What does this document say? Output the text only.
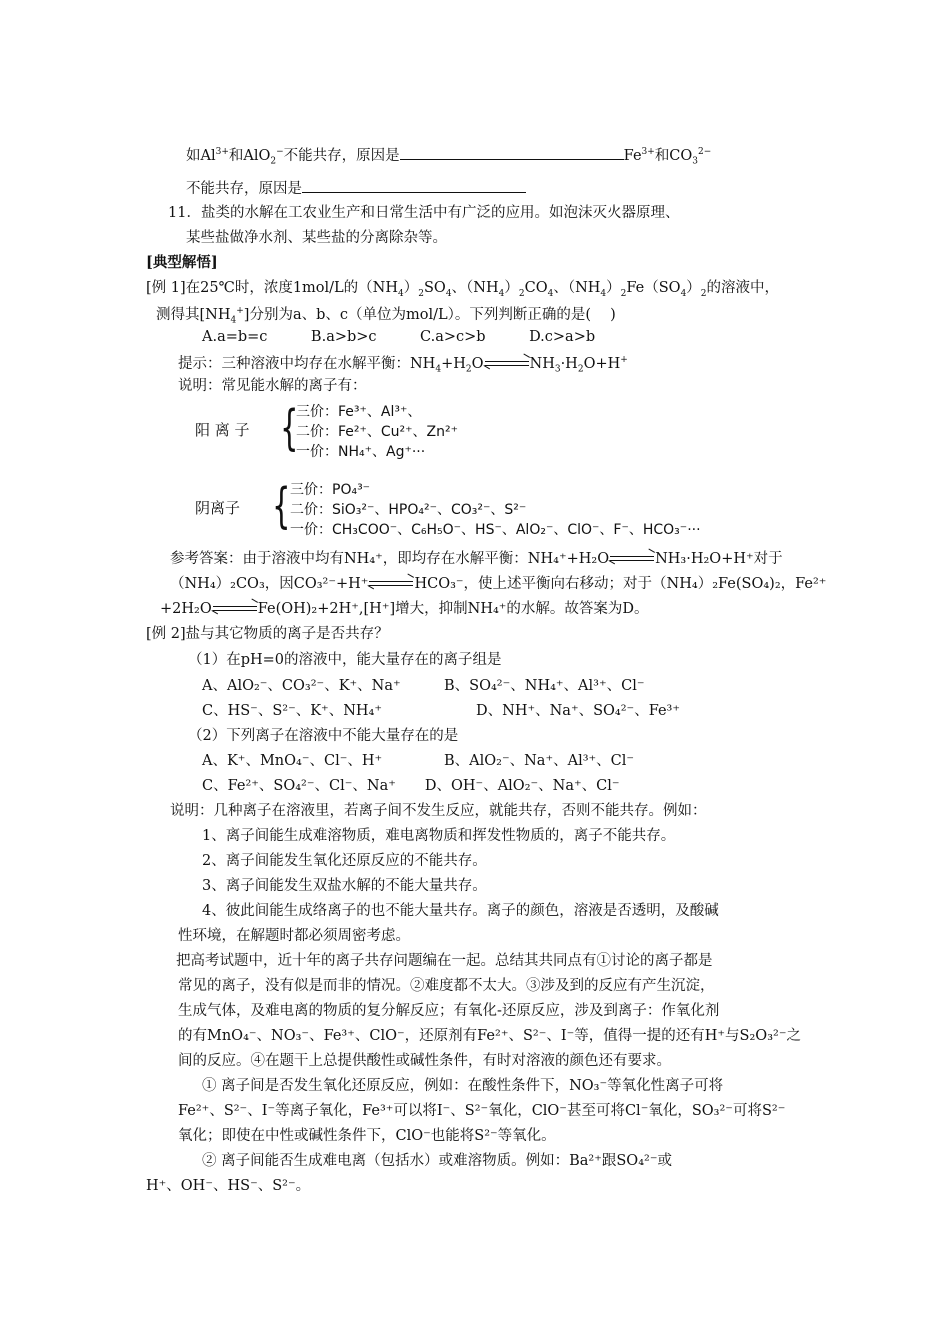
如$Al^{3+}$和AlO$_2$−不能共存，原因是	$Fe^{3+}$和$CO_3^{2-}$
不能共存，原因是
11．盐类的水解在工农业生产和日常生活中有广泛的应用。如泡沫灭火器原理、
某些盐做净水剂、某些盐的分离除杂等。
[典型解悟]
[例 1]在25℃时，浓度1mol/L的$(NH_4)_2SO_4$、$(NH_4)_2CO_4$、$(NH_4)_2Fe(SO_4)_2$的溶液中，
测得其$[NH_4^+]$分别为a、b、c（单位为mol/L）。下列判断正确的是(　 )
A.a=b=c　　　B.a>b>c　　　C.a>c>b　　　D.c>a>b
提示：三种溶液中均存在水解平衡：$NH_4+H_2O$	$NH_3\cdot H_2O+H^+$
说明：常见能水解的离子有：
阳 离 子 {
三价：Fe³⁺、Al³⁺、
二价：Fe²⁺、Cu²⁺、Zn²⁺
一价：NH₄⁺、Ag⁺···
阴离子 { 三价：PO₄³⁻
二价：SiO₃²⁻、HPO₄²⁻、CO₃²⁻、S²⁻
一价：CH₃COO⁻、C₆H₅O⁻、HS⁻、AlO₂⁻、ClO⁻、F⁻、HCO₃⁻···
参考答案：由于溶液中均有NH₄⁺，即均存在水解平衡：NH₄⁺+H₂O	NH₃·H₂O+H⁺对于
（NH₄）₂CO₃，因CO₃²⁻+H⁺	HCO₃⁻，使上述平衡向右移动；对于（NH₄）₂Fe(SO₄)₂，Fe²⁺
+2H₂O	Fe(OH)₂+2H⁺,[H⁺]增大，抑制NH₄⁺的水解。故答案为D。
[例 2]盐与其它物质的离子是否共存？
（1）在pH=0的溶液中，能大量存在的离子组是
A、AlO₂⁻、CO₃²⁻、K⁺、Na⁺	B、SO₄²⁻、NH₄⁺、Al³⁺、Cl⁻
C、HS⁻、S²⁻、K⁺、NH₄⁺	D、NH⁺、Na⁺、SO₄²⁻、Fe³⁺
（2）下列离子在溶液中不能大量存在的是
A、K⁺、MnO₄⁻、Cl⁻、H⁺	B、AlO₂⁻、Na⁺、Al³⁺、Cl⁻
C、Fe²⁺、SO₄²⁻、Cl⁻、Na⁺　　D、OH⁻、AlO₂⁻、Na⁺、Cl⁻
说明：几种离子在溶液里，若离子间不发生反应，就能共存，否则不能共存。例如：
1、离子间能生成难溶物质，难电离物质和挥发性物质的，离子不能共存。
2、离子间能发生氧化还原反应的不能共存。
3、离子间能发生双盐水解的不能大量共存。
4、彼此间能生成络离子的也不能大量共存。离子的颜色，溶液是否透明，及酸碱
性环境，在解题时都必须周密考虑。
把高考试题中，近十年的离子共存问题编在一起。总结其共同点有①讨论的离子都是
常见的离子，没有似是而非的情况。②难度都不太大。③涉及到的反应有产生沉淀，
生成气体，及难电离的物质的复分解反应；有氧化-还原反应，涉及到离子：作氧化剂
的有MnO₄⁻、NO₃⁻、Fe³⁺、ClO⁻，还原剂有Fe²⁺、S²⁻、I⁻等，值得一提的还有H⁺与S₂O₃²⁻之
间的反应。④在题干上总提供酸性或碱性条件，有时对溶液的颜色还有要求。
① 离子间是否发生氧化还原反应，例如：在酸性条件下，NO₃⁻等氧化性离子可将
Fe²⁺、S²⁻、I⁻等离子氧化，Fe³⁺可以将I⁻、S²⁻氧化，ClO⁻甚至可将Cl⁻氧化，SO₃²⁻可将S²⁻
氧化；即使在中性或碱性条件下，ClO⁻也能将S²⁻等氧化。
② 离子间能否生成难电离（包括水）或难溶物质。例如：Ba²⁺跟SO₄²⁻或
H⁺、OH⁻、HS⁻、S²⁻。
